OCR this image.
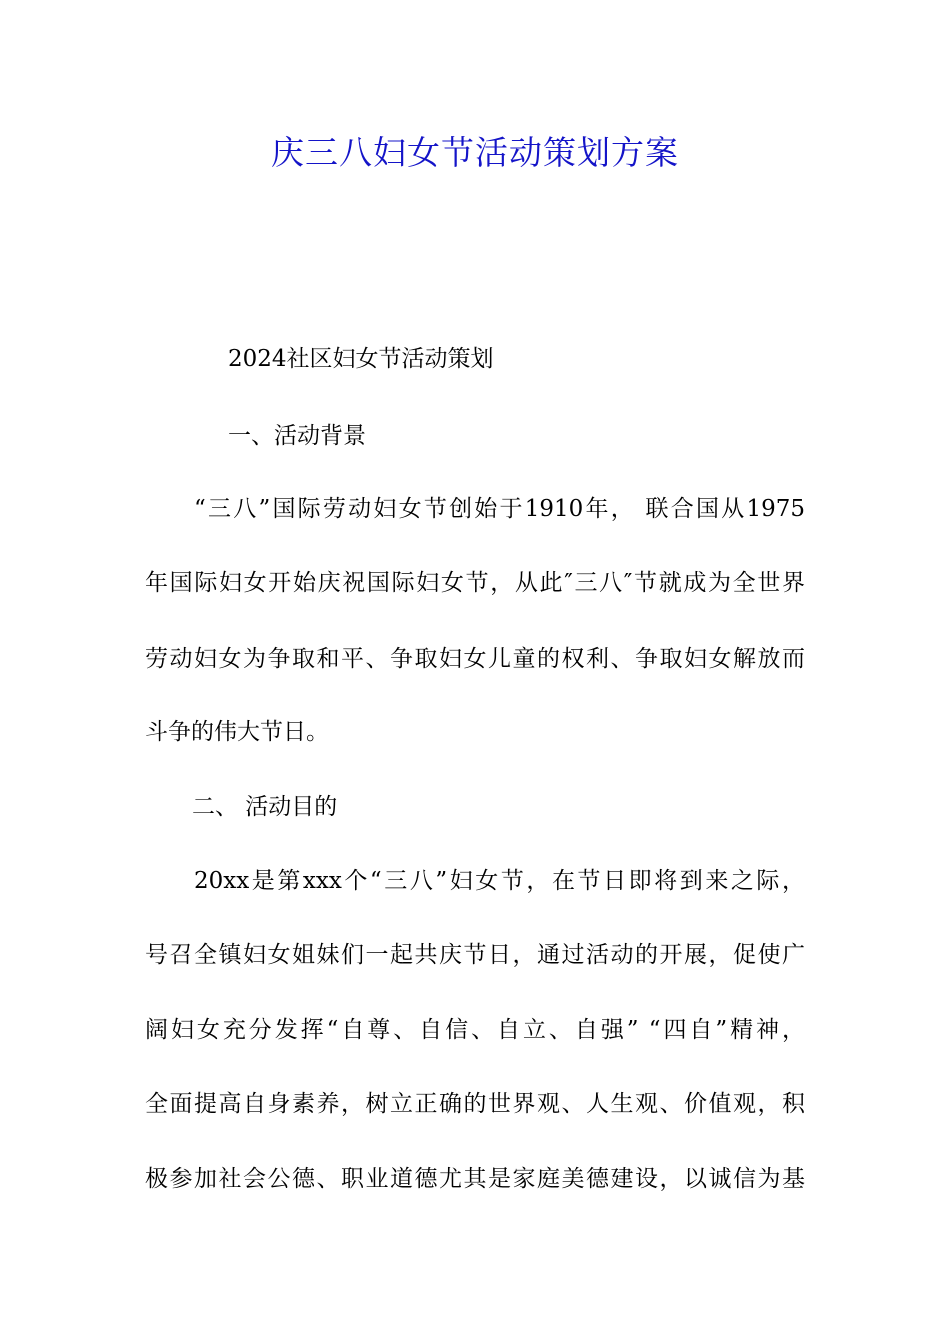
庆三八妇女节活动策划方案
2024社区妇女节活动策划
一、活动背景
“三八”国际劳动妇女节创始于1910年， 联合国从1975
年国际妇女开始庆祝国际妇女节，从此″三八″节就成为全世界
劳动妇女为争取和平、争取妇女儿童的权利、争取妇女解放而
斗争的伟大节日。
二、 活动目的
20xx是第xxx个“三八”妇女节，在节日即将到来之际，
号召全镇妇女姐妹们一起共庆节日，通过活动的开展，促使广
阔妇女充分发挥“自尊、自信、自立、自强” “四自”精神，
全面提高自身素养，树立正确的世界观、人生观、价值观，积
极参加社会公德、职业道德尤其是家庭美德建设，以诚信为基
